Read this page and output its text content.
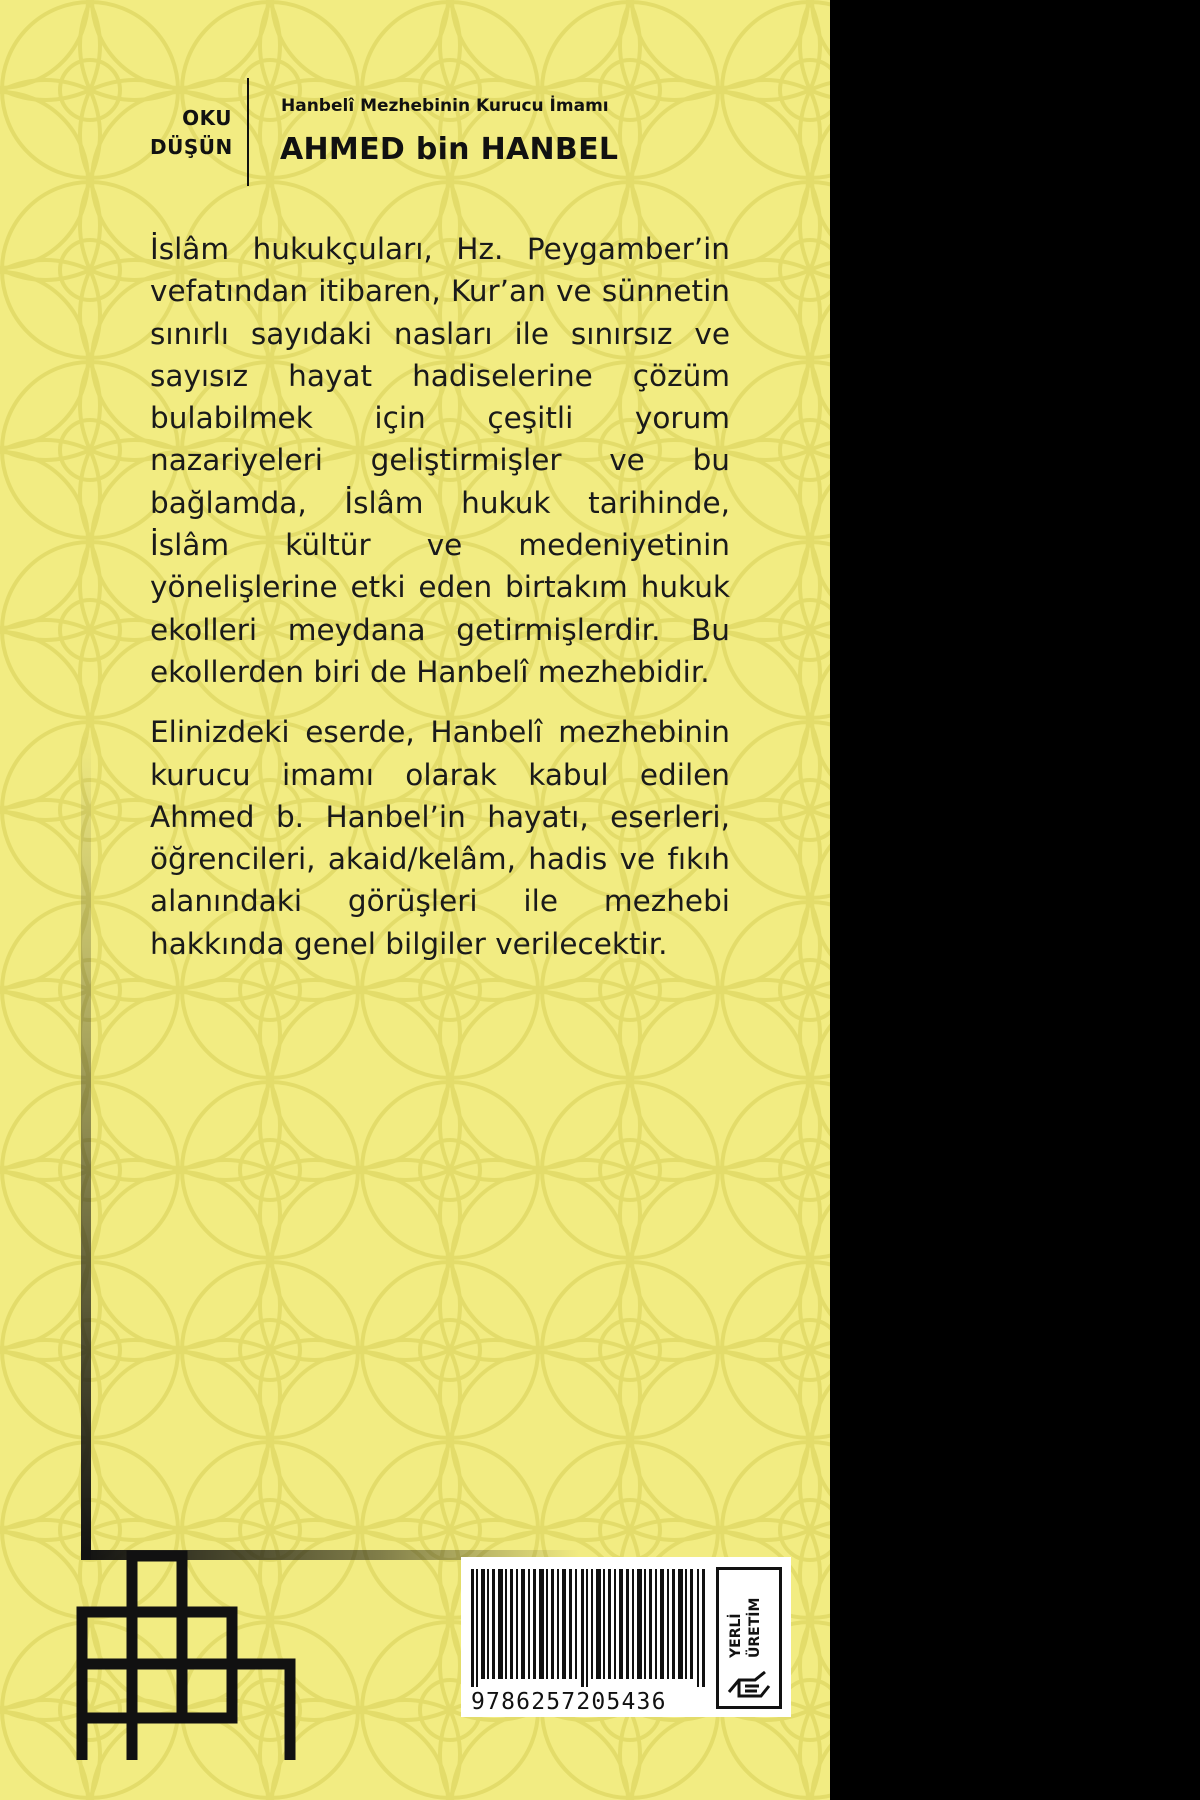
OKU
DÜŞÜN
Hanbelî Mezhebinin Kurucu İmamı
AHMED bin HANBEL

İslâm hukukçuları, Hz. Peygamber’in vefatından itibaren, Kur’an ve sünnetin sınırlı sayıdaki nasları ile sınırsız ve sayısız hayat hadiselerine çözüm bulabilmek için çeşitli yorum nazariyeleri geliştirmişler ve bu bağlamda, İslâm hukuk tarihinde, İslâm kültür ve medeniyetinin yönelişlerine etki eden birtakım hukuk ekolleri meydana getirmişlerdir. Bu ekollerden biri de Hanbelî mezhebidir.

Elinizdeki eserde, Hanbelî mezhebinin kurucu imamı olarak kabul edilen Ahmed b. Hanbel’in hayatı, eserleri, öğrencileri, akaid/kelâm, hadis ve fıkıh alanındaki görüşleri ile mezhebi hakkında genel bilgiler verilecektir.

9786257205436
YERLİ ÜRETİM
